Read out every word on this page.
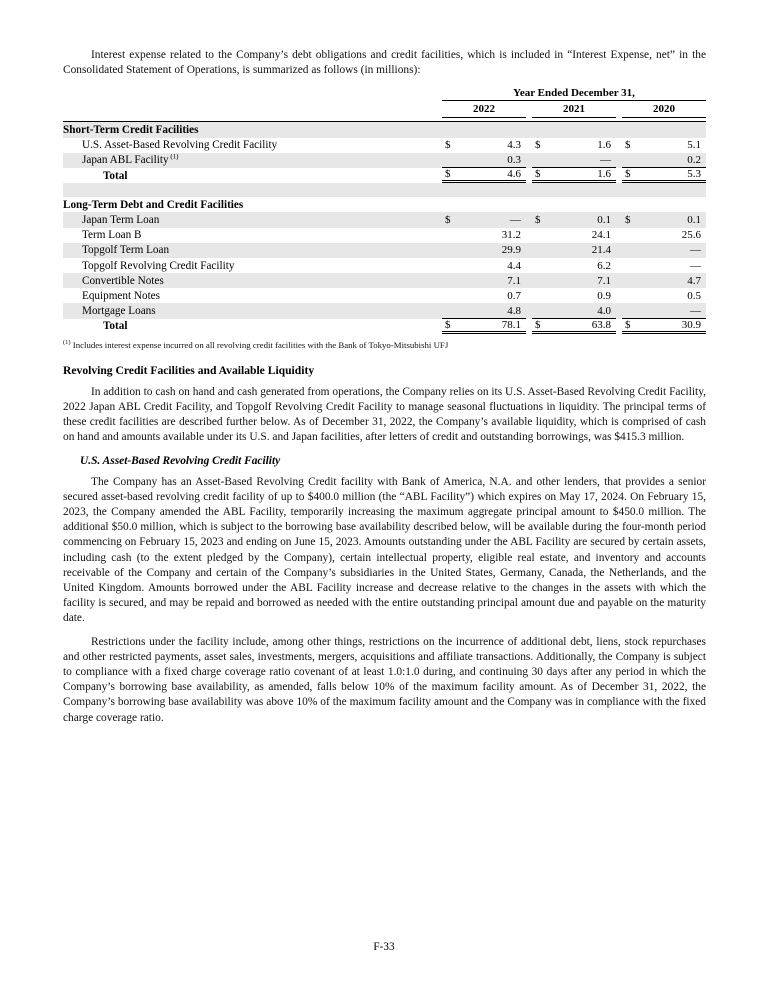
Interest expense related to the Company’s debt obligations and credit facilities, which is included in “Interest Expense, net” in the Consolidated Statement of Operations, is summarized as follows (in millions):

Year Ended December 31,
2022	2021	2020
Short-Term Credit Facilities
U.S. Asset-Based Revolving Credit Facility	$	4.3	$	1.6	$	5.1
Japan ABL Facility $^{(1)}$	0.3	—	0.2
Total	$	4.6	$	1.6	$	5.3
Long-Term Debt and Credit Facilities
Japan Term Loan	$	—	$	0.1	$	0.1
Term Loan B	31.2	24.1	25.6
Topgolf Term Loan	29.9	21.4	—
Topgolf Revolving Credit Facility	4.4	6.2	—
Convertible Notes	7.1	7.1	4.7
Equipment Notes	0.7	0.9	0.5
Mortgage Loans	4.8	4.0	—
Total	$	78.1	$	63.8	$	30.9

$^{(1)}$ Includes interest expense incurred on all revolving credit facilities with the Bank of Tokyo-Mitsubishi UFJ

Revolving Credit Facilities and Available Liquidity

In addition to cash on hand and cash generated from operations, the Company relies on its U.S. Asset-Based Revolving Credit Facility, 2022 Japan ABL Credit Facility, and Topgolf Revolving Credit Facility to manage seasonal fluctuations in liquidity. The principal terms of these credit facilities are described further below. As of December 31, 2022, the Company’s available liquidity, which is comprised of cash on hand and amounts available under its U.S. and Japan facilities, after letters of credit and outstanding borrowings, was $415.3 million.

U.S. Asset-Based Revolving Credit Facility

The Company has an Asset-Based Revolving Credit facility with Bank of America, N.A. and other lenders, that provides a senior secured asset-based revolving credit facility of up to $400.0 million (the “ABL Facility”) which expires on May 17, 2024. On February 15, 2023, the Company amended the ABL Facility, temporarily increasing the maximum aggregate principal amount to $450.0 million. The additional $50.0 million, which is subject to the borrowing base availability described below, will be available during the four-month period commencing on February 15, 2023 and ending on June 15, 2023. Amounts outstanding under the ABL Facility are secured by certain assets, including cash (to the extent pledged by the Company), certain intellectual property, eligible real estate, and inventory and accounts receivable of the Company and certain of the Company’s subsidiaries in the United States, Germany, Canada, the Netherlands, and the United Kingdom. Amounts borrowed under the ABL Facility increase and decrease relative to the changes in the assets with which the facility is secured, and may be repaid and borrowed as needed with the entire outstanding principal amount due and payable on the maturity date.

Restrictions under the facility include, among other things, restrictions on the incurrence of additional debt, liens, stock repurchases and other restricted payments, asset sales, investments, mergers, acquisitions and affiliate transactions. Additionally, the Company is subject to compliance with a fixed charge coverage ratio covenant of at least 1.0:1.0 during, and continuing 30 days after any period in which the Company’s borrowing base availability, as amended, falls below 10% of the maximum facility amount. As of December 31, 2022, the Company’s borrowing base availability was above 10% of the maximum facility amount and the Company was in compliance with the fixed charge coverage ratio.

F-33
